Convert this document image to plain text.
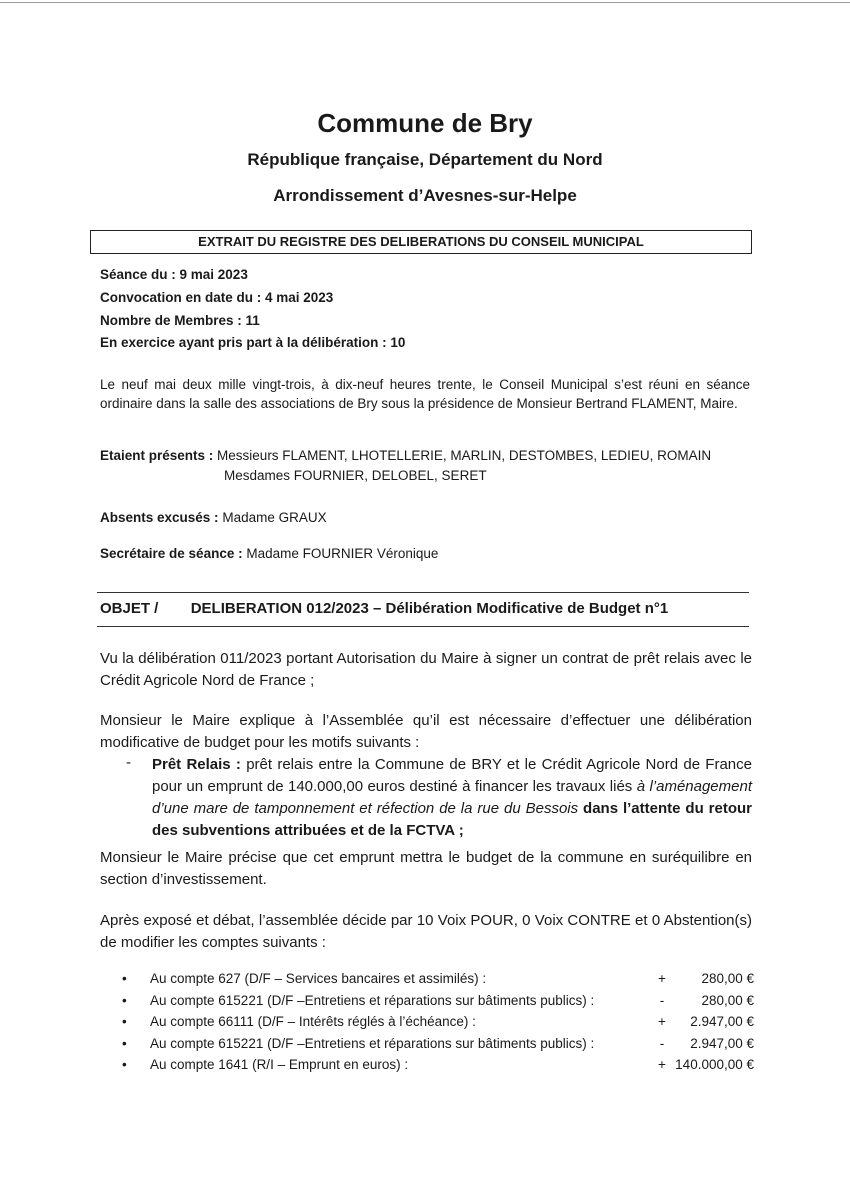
Commune de Bry
République française, Département du Nord
Arrondissement d’Avesnes-sur-Helpe
EXTRAIT DU REGISTRE DES DELIBERATIONS DU CONSEIL MUNICIPAL
Séance du : 9 mai 2023
Convocation en date du : 4 mai 2023
Nombre de Membres : 11
En exercice ayant pris part à la délibération : 10
Le neuf mai deux mille vingt-trois, à dix-neuf heures trente, le Conseil Municipal s’est réuni en séance ordinaire dans la salle des associations de Bry sous la présidence de Monsieur Bertrand FLAMENT, Maire.
Etaient présents : Messieurs FLAMENT, LHOTELLERIE, MARLIN, DESTOMBES, LEDIEU, ROMAIN
Mesdames FOURNIER, DELOBEL, SERET
Absents excusés : Madame GRAUX
Secrétaire de séance : Madame FOURNIER Véronique
OBJET / DELIBERATION 012/2023 – Délibération Modificative de Budget n°1
Vu la délibération 011/2023 portant Autorisation du Maire à signer un contrat de prêt relais avec le Crédit Agricole Nord de France ;
Monsieur le Maire explique à l’Assemblée qu’il est nécessaire d’effectuer une délibération modificative de budget pour les motifs suivants :
- Prêt Relais : prêt relais entre la Commune de BRY et le Crédit Agricole Nord de France pour un emprunt de 140.000,00 euros destiné à financer les travaux liés à l’aménagement d’une mare de tamponnement et réfection de la rue du Bessois dans l’attente du retour des subventions attribuées et de la FCTVA ;
Monsieur le Maire précise que cet emprunt mettra le budget de la commune en suréquilibre en section d’investissement.
Après exposé et débat, l’assemblée décide par 10 Voix POUR, 0 Voix CONTRE et 0 Abstention(s) de modifier les comptes suivants :
• Au compte 627 (D/F – Services bancaires et assimilés) :	+	280,00 €
• Au compte 615221 (D/F –Entretiens et réparations sur bâtiments publics) :	-	280,00 €
• Au compte 66111 (D/F – Intérêts réglés à l’échéance) :	+	2.947,00 €
• Au compte 615221 (D/F –Entretiens et réparations sur bâtiments publics) :	-	2.947,00 €
• Au compte 1641 (R/I – Emprunt en euros) :	+ 140.000,00 €
